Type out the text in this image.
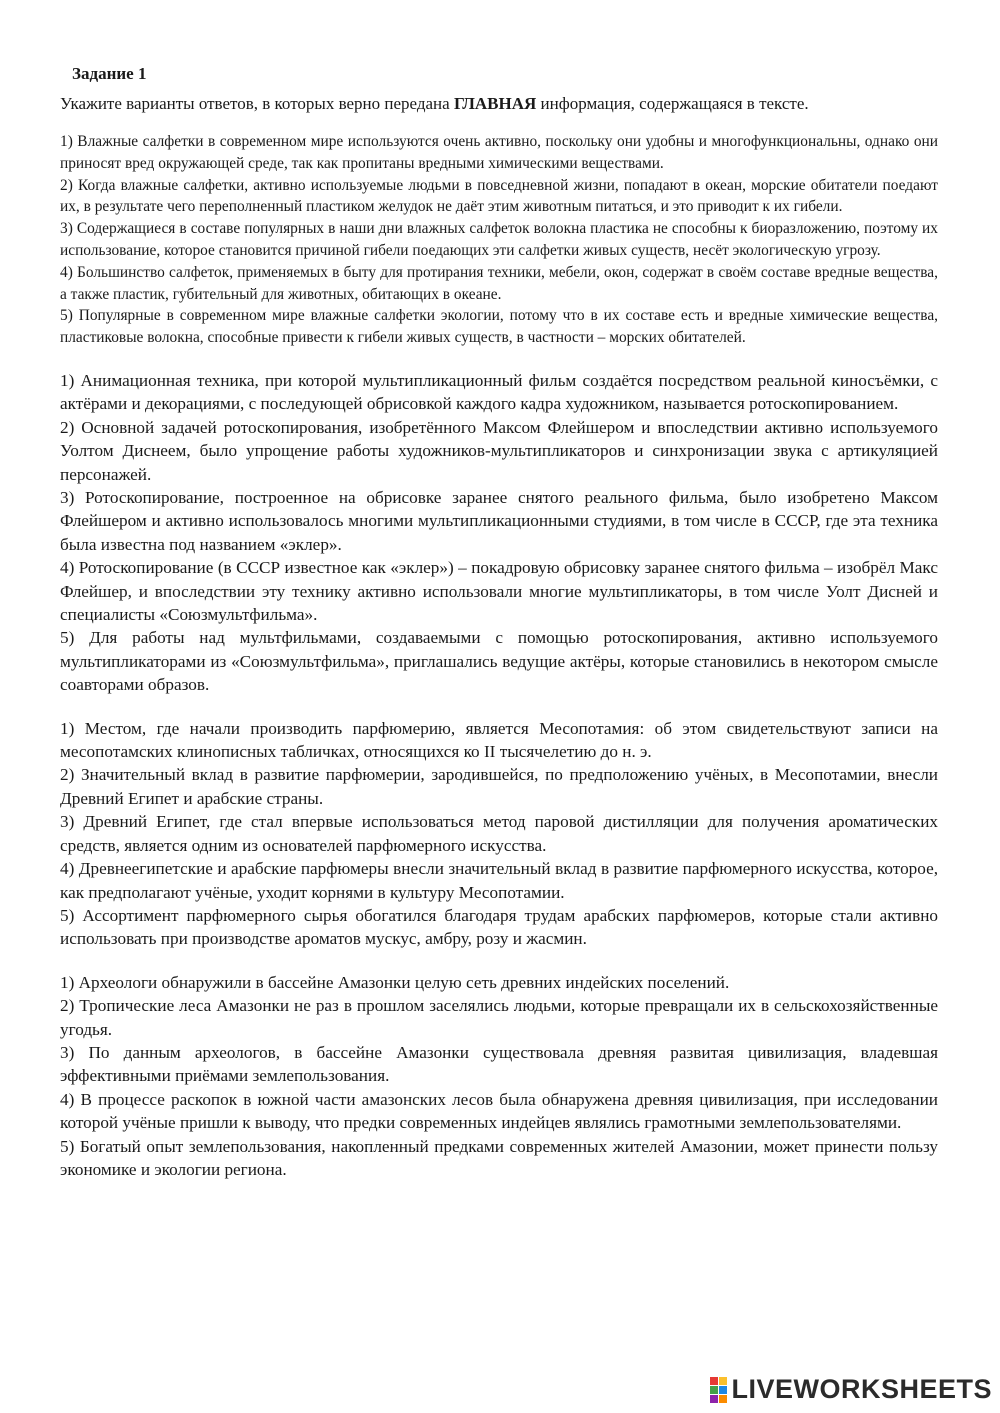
Задание 1
Укажите варианты ответов, в которых верно передана ГЛАВНАЯ информация, содержащаяся в тексте.

1) Влажные салфетки в современном мире используются очень активно, поскольку они удобны и многофункциональны, однако они приносят вред окружающей среде, так как пропитаны вредными химическими веществами.

2) Когда влажные салфетки, активно используемые людьми в повседневной жизни, попадают в океан, морские обитатели поедают их, в результате чего переполненный пластиком желудок не даёт этим животным питаться, и это приводит к их гибели.

3) Содержащиеся в составе популярных в наши дни влажных салфеток волокна пластика не способны к биоразложению, поэтому их использование, которое становится причиной гибели поедающих эти салфетки живых существ, несёт экологическую угрозу.

4) Большинство салфеток, применяемых в быту для протирания техники, мебели, окон, содержат в своём составе вредные вещества, а также пластик, губительный для животных, обитающих в океане.

5) Популярные в современном мире влажные салфетки экологии, потому что в их составе есть и вредные химические вещества, пластиковые волокна, способные привести к гибели живых существ, в частности – морских обитателей.

1) Анимационная техника, при которой мультипликационный фильм создаётся посредством реальной киносъёмки, с актёрами и декорациями, с последующей обрисовкой каждого кадра художником, называется ротоскопированием.

2) Основной задачей ротоскопирования, изобретённого Максом Флейшером и впоследствии активно используемого Уолтом Диснеем, было упрощение работы художников-мультипликаторов и синхронизации звука с артикуляцией персонажей.

3) Ротоскопирование, построенное на обрисовке заранее снятого реального фильма, было изобретено Максом Флейшером и активно использовалось многими мультипликационными студиями, в том числе в СССР, где эта техника была известна под названием «эклер».

4) Ротоскопирование (в СССР известное как «эклер») – покадровую обрисовку заранее снятого фильма – изобрёл Макс Флейшер, и впоследствии эту технику активно использовали многие мультипликаторы, в том числе Уолт Дисней и специалисты «Союзмультфильма».

5) Для работы над мультфильмами, создаваемыми с помощью ротоскопирования, активно используемого мультипликаторами из «Союзмультфильма», приглашались ведущие актёры, которые становились в некотором смысле соавторами образов.

1) Местом, где начали производить парфюмерию, является Месопотамия: об этом свидетельствуют записи на месопотамских клинописных табличках, относящихся ко II тысячелетию до н. э.

2) Значительный вклад в развитие парфюмерии, зародившейся, по предположению учёных, в Месопотамии, внесли Древний Египет и арабские страны.

3) Древний Египет, где стал впервые использоваться метод паровой дистилляции для получения ароматических средств, является одним из основателей парфюмерного искусства.

4) Древнеегипетские и арабские парфюмеры внесли значительный вклад в развитие парфюмерного искусства, которое, как предполагают учёные, уходит корнями в культуру Месопотамии.

5) Ассортимент парфюмерного сырья обогатился благодаря трудам арабских парфюмеров, которые стали активно использовать при производстве ароматов мускус, амбру, розу и жасмин.

1) Археологи обнаружили в бассейне Амазонки целую сеть древних индейских поселений.

2) Тропические леса Амазонки не раз в прошлом заселялись людьми, которые превращали их в сельскохозяйственные угодья.

3) По данным археологов, в бассейне Амазонки существовала древняя развитая цивилизация, владевшая эффективными приёмами землепользования.

4) В процессе раскопок в южной части амазонских лесов была обнаружена древняя цивилизация, при исследовании которой учёные пришли к выводу, что предки современных индейцев являлись грамотными землепользователями.

5) Богатый опыт землепользования, накопленный предками современных жителей Амазонии, может принести пользу экономике и экологии региона.

LIVEWORKSHEETS
